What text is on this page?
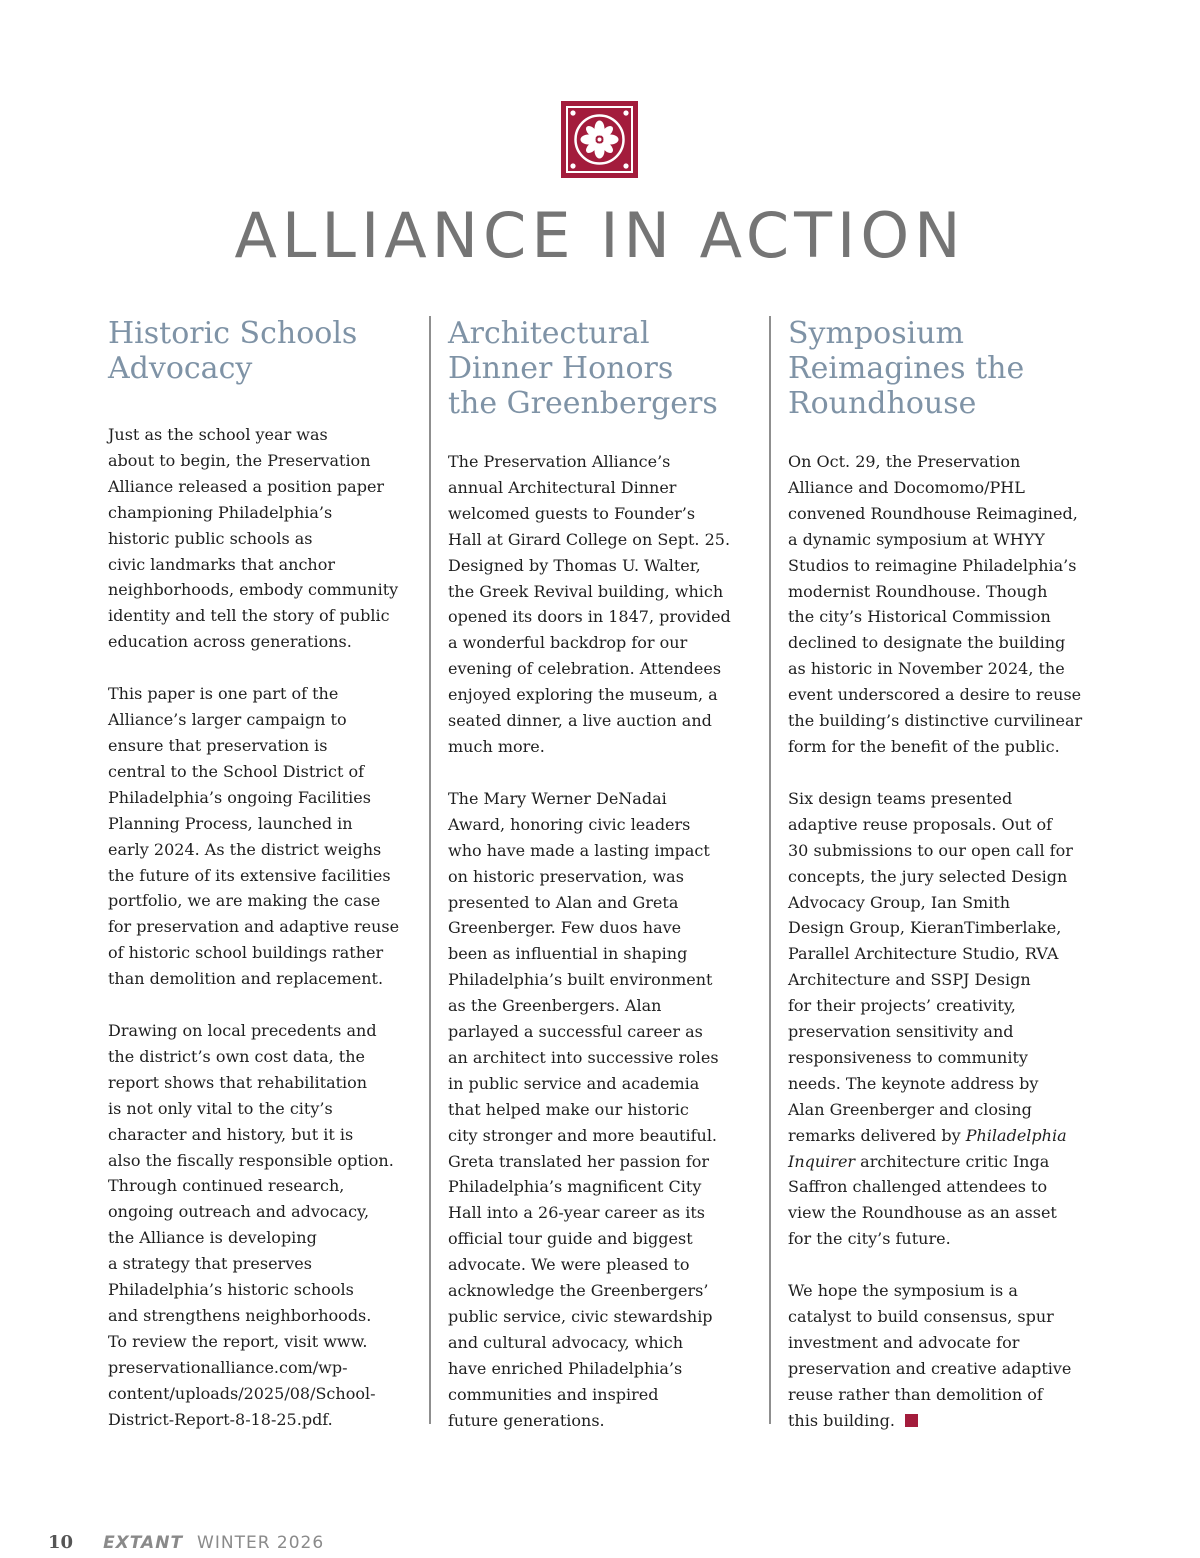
ALLIANCE IN ACTION
Historic Schools
Advocacy

Just as the school year was
about to begin, the Preservation
Alliance released a position paper
championing Philadelphia’s
historic public schools as
civic landmarks that anchor
neighborhoods, embody community
identity and tell the story of public
education across generations.

This paper is one part of the
Alliance’s larger campaign to
ensure that preservation is
central to the School District of
Philadelphia’s ongoing Facilities
Planning Process, launched in
early 2024. As the district weighs
the future of its extensive facilities
portfolio, we are making the case
for preservation and adaptive reuse
of historic school buildings rather
than demolition and replacement.

Drawing on local precedents and
the district’s own cost data, the
report shows that rehabilitation
is not only vital to the city’s
character and history, but it is
also the fiscally responsible option.
Through continued research,
ongoing outreach and advocacy,
the Alliance is developing
a strategy that preserves
Philadelphia’s historic schools
and strengthens neighborhoods.
To review the report, visit www.
preservationalliance.com/wp-
content/uploads/2025/08/School-
District-Report-8-18-25.pdf.

Architectural
Dinner Honors
the Greenbergers

The Preservation Alliance’s
annual Architectural Dinner
welcomed guests to Founder’s
Hall at Girard College on Sept. 25.
Designed by Thomas U. Walter,
the Greek Revival building, which
opened its doors in 1847, provided
a wonderful backdrop for our
evening of celebration. Attendees
enjoyed exploring the museum, a
seated dinner, a live auction and
much more.

The Mary Werner DeNadai
Award, honoring civic leaders
who have made a lasting impact
on historic preservation, was
presented to Alan and Greta
Greenberger. Few duos have
been as influential in shaping
Philadelphia’s built environment
as the Greenbergers. Alan
parlayed a successful career as
an architect into successive roles
in public service and academia
that helped make our historic
city stronger and more beautiful.
Greta translated her passion for
Philadelphia’s magnificent City
Hall into a 26-year career as its
official tour guide and biggest
advocate. We were pleased to
acknowledge the Greenbergers’
public service, civic stewardship
and cultural advocacy, which
have enriched Philadelphia’s
communities and inspired
future generations.

Symposium
Reimagines the
Roundhouse

On Oct. 29, the Preservation
Alliance and Docomomo/PHL
convened Roundhouse Reimagined,
a dynamic symposium at WHYY
Studios to reimagine Philadelphia’s
modernist Roundhouse. Though
the city’s Historical Commission
declined to designate the building
as historic in November 2024, the
event underscored a desire to reuse
the building’s distinctive curvilinear
form for the benefit of the public.

Six design teams presented
adaptive reuse proposals. Out of
30 submissions to our open call for
concepts, the jury selected Design
Advocacy Group, Ian Smith
Design Group, KieranTimberlake,
Parallel Architecture Studio, RVA
Architecture and SSPJ Design
for their projects’ creativity,
preservation sensitivity and
responsiveness to community
needs. The keynote address by
Alan Greenberger and closing
remarks delivered by Philadelphia
Inquirer architecture critic Inga
Saffron challenged attendees to
view the Roundhouse as an asset
for the city’s future.

We hope the symposium is a
catalyst to build consensus, spur
investment and advocate for
preservation and creative adaptive
reuse rather than demolition of
this building.

10 EXTANT WINTER 2026
